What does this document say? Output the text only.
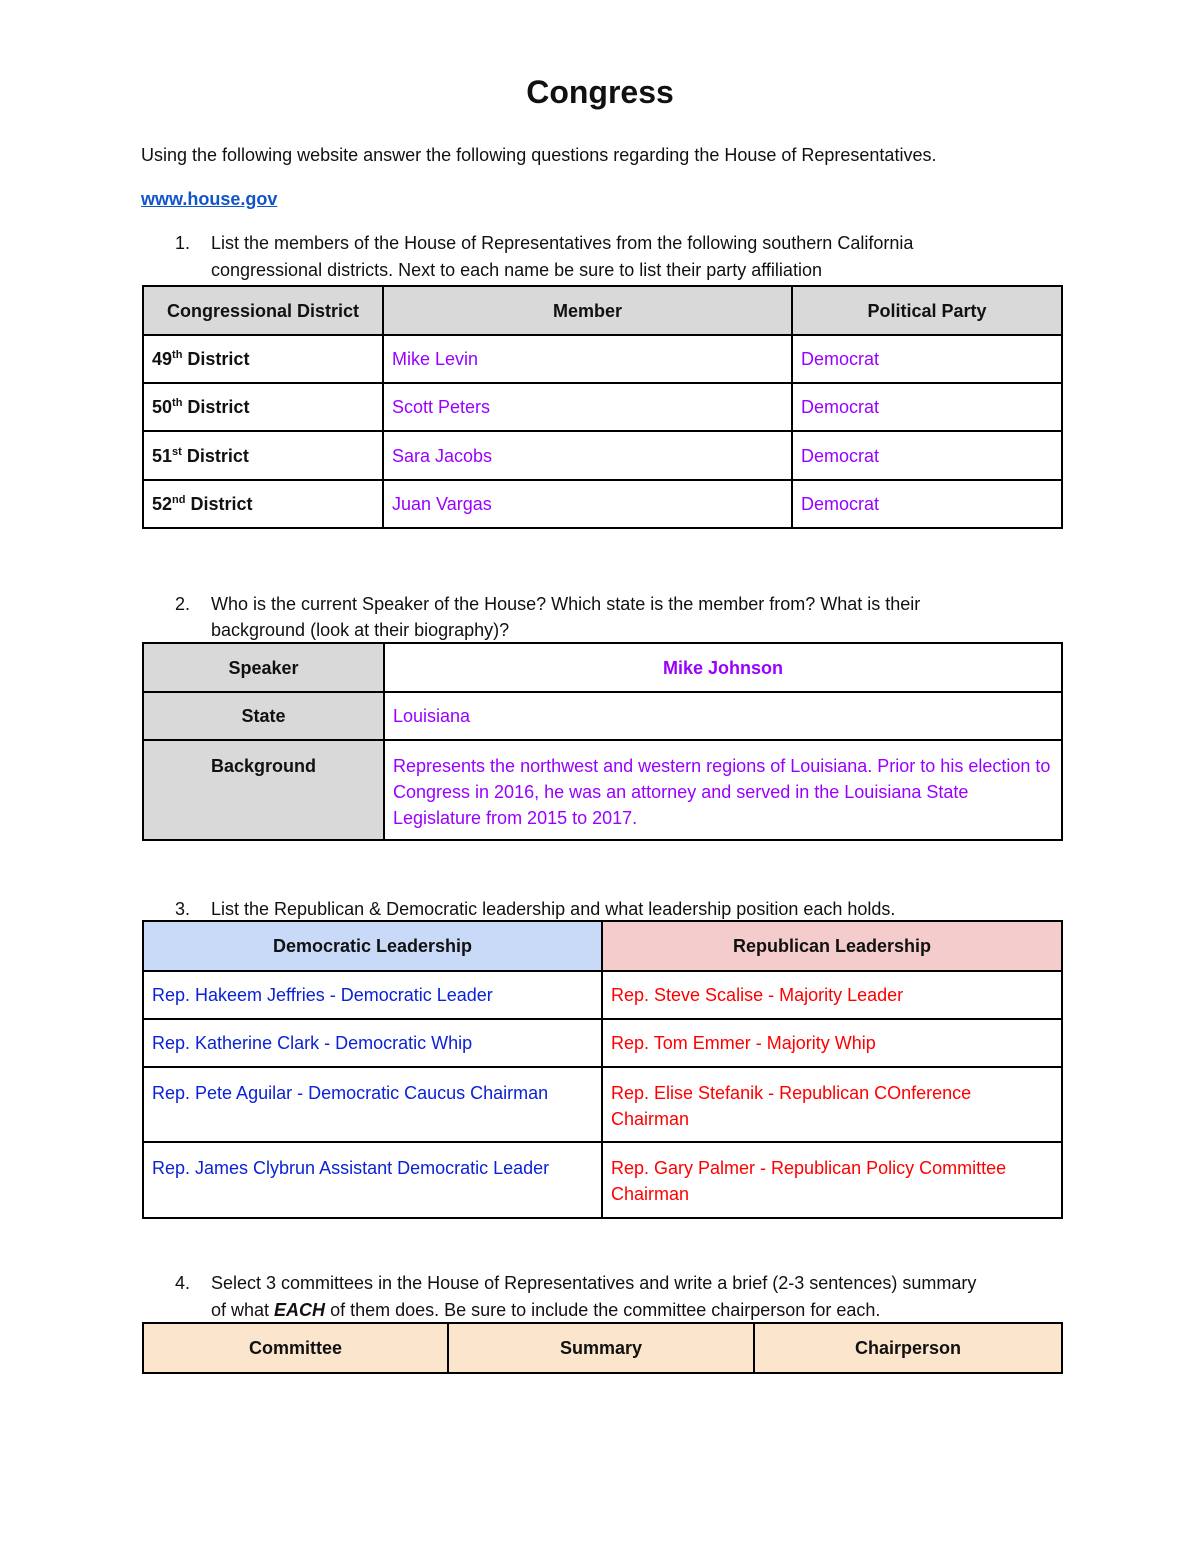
Congress
Using the following website answer the following questions regarding the House of Representatives.
www.house.gov
1. List the members of the House of Representatives from the following southern California
congressional districts. Next to each name be sure to list their party affiliation
Congressional District	Member	Political Party
49th District	Mike Levin	Democrat
50th District	Scott Peters	Democrat
51st District	Sara Jacobs	Democrat
52nd District	Juan Vargas	Democrat
2. Who is the current Speaker of the House? Which state is the member from? What is their
background (look at their biography)?
Speaker	Mike Johnson
State	Louisiana
Background	Represents the northwest and western regions of Louisiana. Prior to his election to Congress in 2016, he was an attorney and served in the Louisiana State Legislature from 2015 to 2017.
3. List the Republican & Democratic leadership and what leadership position each holds.
Democratic Leadership	Republican Leadership
Rep. Hakeem Jeffries - Democratic Leader	Rep. Steve Scalise - Majority Leader
Rep. Katherine Clark - Democratic Whip	Rep. Tom Emmer - Majority Whip
Rep. Pete Aguilar - Democratic Caucus Chairman	Rep. Elise Stefanik - Republican COnference Chairman
Rep. James Clybrun Assistant Democratic Leader	Rep. Gary Palmer - Republican Policy Committee Chairman
4. Select 3 committees in the House of Representatives and write a brief (2-3 sentences) summary
of what EACH of them does. Be sure to include the committee chairperson for each.
Committee	Summary	Chairperson
